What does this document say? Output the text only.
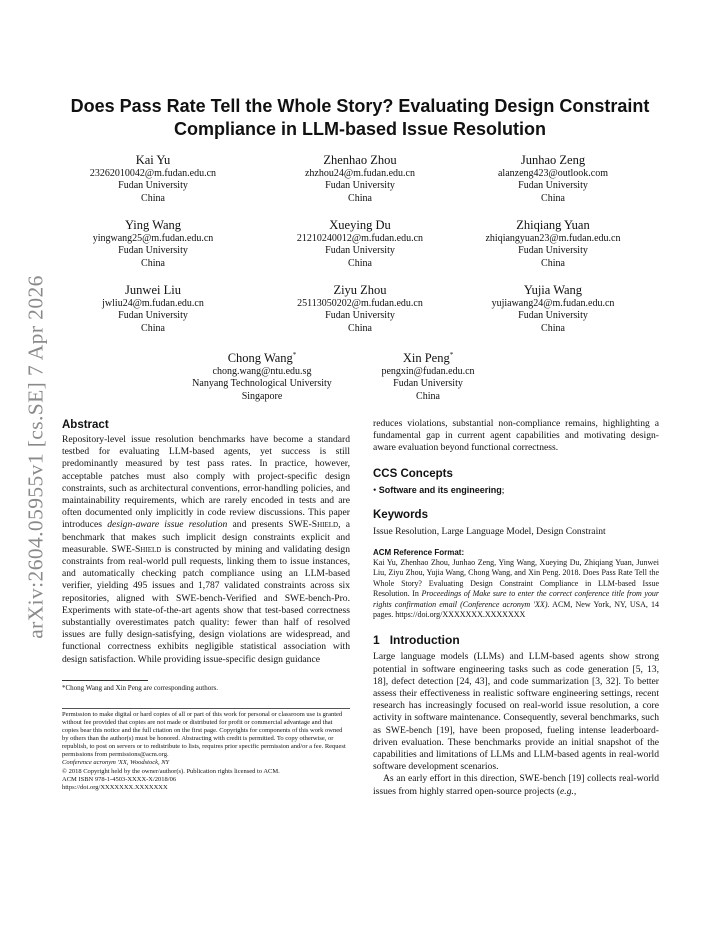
arXiv:2604.05955v1 [cs.SE] 7 Apr 2026
Does Pass Rate Tell the Whole Story? Evaluating Design Constraint Compliance in LLM-based Issue Resolution
Kai Yu
23262010042@m.fudan.edu.cn
Fudan University
China
Zhenhao Zhou
zhzhou24@m.fudan.edu.cn
Fudan University
China
Junhao Zeng
alanzeng423@outlook.com
Fudan University
China
Ying Wang
yingwang25@m.fudan.edu.cn
Fudan University
China
Xueying Du
21210240012@m.fudan.edu.cn
Fudan University
China
Zhiqiang Yuan
zhiqiangyuan23@m.fudan.edu.cn
Fudan University
China
Junwei Liu
jwliu24@m.fudan.edu.cn
Fudan University
China
Ziyu Zhou
25113050202@m.fudan.edu.cn
Fudan University
China
Yujia Wang
yujiawang24@m.fudan.edu.cn
Fudan University
China
Chong Wang*
chong.wang@ntu.edu.sg
Nanyang Technological University
Singapore
Xin Peng*
pengxin@fudan.edu.cn
Fudan University
China
Abstract

Repository-level issue resolution benchmarks have become a standard testbed for evaluating LLM-based agents, yet success is still predominantly measured by test pass rates. In practice, however, acceptable patches must also comply with project-specific design constraints, such as architectural conventions, error-handling policies, and maintainability requirements, which are rarely encoded in tests and are often documented only implicitly in code review discussions. This paper introduces design-aware issue resolution and presents SWE-Shield, a benchmark that makes such implicit design constraints explicit and measurable. SWE-Shield is constructed by mining and validating design constraints from real-world pull requests, linking them to issue instances, and automatically checking patch compliance using an LLM-based verifier, yielding 495 issues and 1,787 validated constraints across six repositories, aligned with SWE-bench-Verified and SWE-bench-Pro. Experiments with state-of-the-art agents show that test-based correctness substantially overestimates patch quality: fewer than half of resolved issues are fully design-satisfying, design violations are widespread, and functional correctness exhibits negligible statistical association with design satisfaction. While providing issue-specific design guidance

*Chong Wang and Xin Peng are corresponding authors.
Permission to make digital or hard copies of all or part of this work for personal or classroom use is granted without fee provided that copies are not made or distributed for profit or commercial advantage and that copies bear this notice and the full citation on the first page. Copyrights for components of this work owned by others than the author(s) must be honored. Abstracting with credit is permitted. To copy otherwise, or republish, to post on servers or to redistribute to lists, requires prior specific permission and/or a fee. Request permissions from permissions@acm.org.
Conference acronym 'XX, Woodstock, NY
© 2018 Copyright held by the owner/author(s). Publication rights licensed to ACM.
ACM ISBN 978-1-4503-XXXX-X/2018/06
https://doi.org/XXXXXXX.XXXXXXX

reduces violations, substantial non-compliance remains, highlighting a fundamental gap in current agent capabilities and motivating design-aware evaluation beyond functional correctness.

CCS Concepts

• Software and its engineering;

Keywords

Issue Resolution, Large Language Model, Design Constraint

ACM Reference Format:

Kai Yu, Zhenhao Zhou, Junhao Zeng, Ying Wang, Xueying Du, Zhiqiang Yuan, Junwei Liu, Ziyu Zhou, Yujia Wang, Chong Wang, and Xin Peng. 2018. Does Pass Rate Tell the Whole Story? Evaluating Design Constraint Compliance in LLM-based Issue Resolution. In Proceedings of Make sure to enter the correct conference title from your rights confirmation email (Conference acronym 'XX). ACM, New York, NY, USA, 14 pages. https://doi.org/XXXXXXX.XXXXXXX

1 Introduction

Large language models (LLMs) and LLM-based agents show strong potential in software engineering tasks such as code generation [5, 13, 18], defect detection [24, 43], and code summarization [3, 32]. To better assess their effectiveness in realistic software engineering settings, recent research has increasingly focused on real-world issue resolution, a core activity in software maintenance. Consequently, several benchmarks, such as SWE-bench [19], have been proposed, fueling intense leaderboard-driven evaluation. These benchmarks provide an initial snapshot of the capabilities and limitations of LLMs and LLM-based agents in real-world software development scenarios.

As an early effort in this direction, SWE-bench [19] collects real-world issues from highly starred open-source projects (e.g.,
